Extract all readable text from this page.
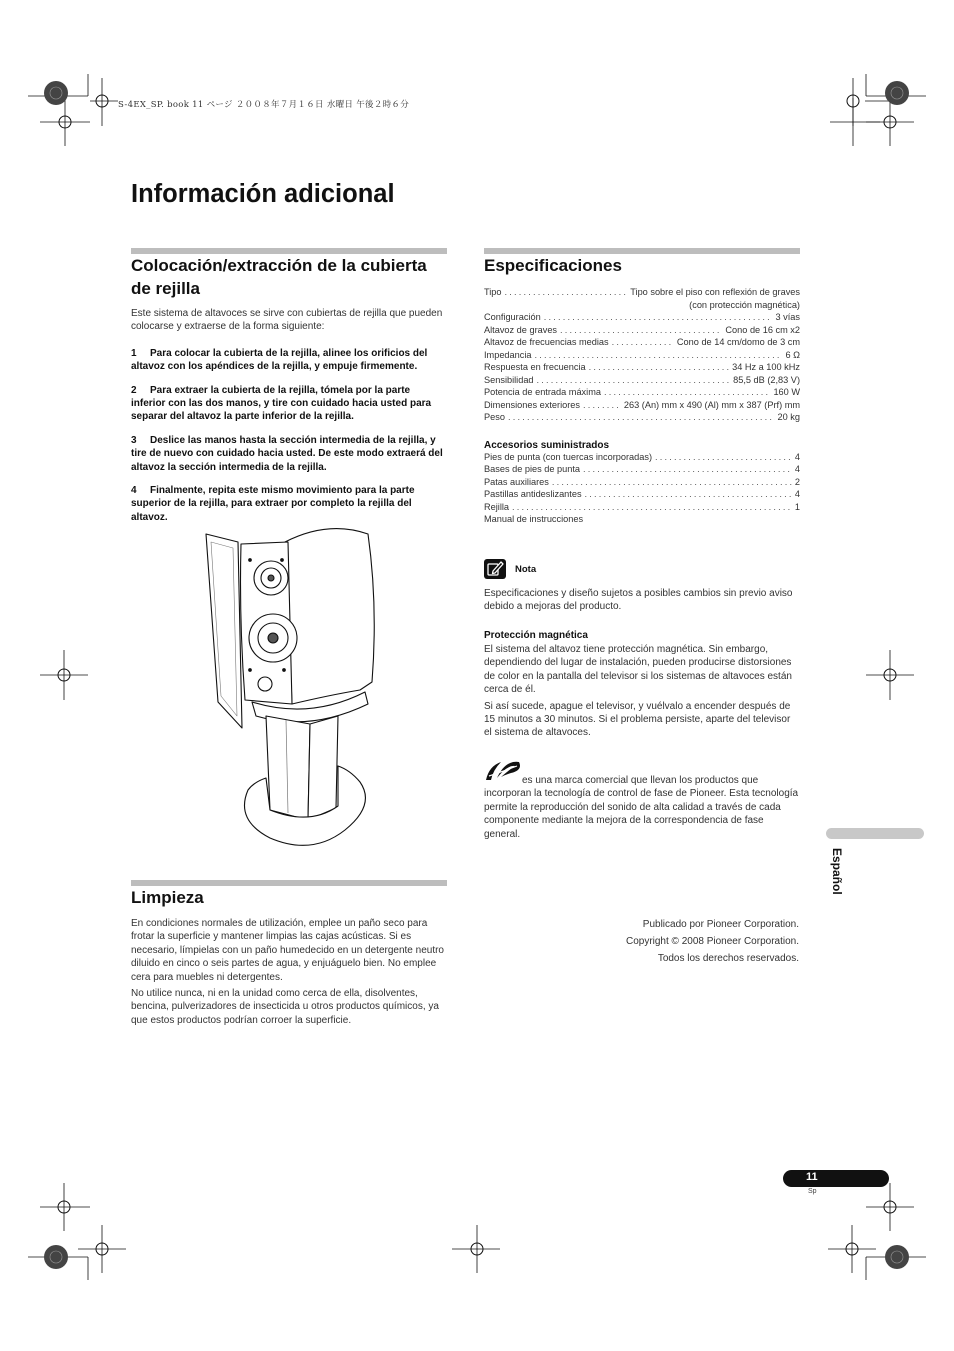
S-4EX_SP. book 11 ページ ２００８年７月１６日 水曜日 午後２時６分
Información adicional
Colocación/extracción de la cubierta de rejilla

Este sistema de altavoces se sirve con cubiertas de rejilla que pueden colocarse y extraerse de la forma siguiente:

1 Para colocar la cubierta de la rejilla, alinee los orificios del altavoz con los apéndices de la rejilla, y empuje firmemente.

2 Para extraer la cubierta de la rejilla, tómela por la parte inferior con las dos manos, y tire con cuidado hacia usted para separar del altavoz la parte inferior de la rejilla.

3 Deslice las manos hasta la sección intermedia de la rejilla, y tire de nuevo con cuidado hacia usted. De este modo extraerá del altavoz la sección intermedia de la rejilla.

4 Finalmente, repita este mismo movimiento para la parte superior de la rejilla, para extraer por completo la rejilla del altavoz.

Limpieza

En condiciones normales de utilización, emplee un paño seco para frotar la superficie y mantener limpias las cajas acústicas. Si es necesario, límpielas con un paño humedecido en un detergente neutro diluido en cinco o seis partes de agua, y enjuáguelo bien. No emplee cera para muebles ni detergentes.

No utilice nunca, ni en la unidad como cerca de ella, disolventes, bencina, pulverizadores de insecticida u otros productos químicos, ya que estos productos podrían corroer la superficie.

Especificaciones
Tipo .....	Tipo sobre el piso con reflexión de graves
(con protección magnética)
Configuración .....	3 vías
Altavoz de graves .....	Cono de 16 cm x2
Altavoz de frecuencias medias .....	Cono de 14 cm/domo de 3 cm
Impedancia .....	6 Ω
Respuesta en frecuencia .....	34 Hz a 100 kHz
Sensibilidad .....	85,5 dB (2,83 V)
Potencia de entrada máxima .....	160 W
Dimensiones exteriores .....	263 (An) mm x 490 (Al) mm x 387 (Prf) mm
Peso .....	20 kg

Accesorios suministrados

Pies de punta (con tuercas incorporadas) .....	4
Bases de pies de punta .....	4
Patas auxiliares .....	2
Pastillas antideslizantes .....	4
Rejilla .....	1
Manual de instrucciones
Nota

Especificaciones y diseño sujetos a posibles cambios sin previo aviso debido a mejoras del producto.

Protección magnética

El sistema del altavoz tiene protección magnética. Sin embargo, dependiendo del lugar de instalación, pueden producirse distorsiones de color en la pantalla del televisor si los sistemas de altavoces están cerca de él.

Si así sucede, apague el televisor, y vuélvalo a encender después de 15 minutos a 30 minutos. Si el problema persiste, aparte del televisor el sistema de altavoces.

es una marca comercial que llevan los productos que

incorporan la tecnología de control de fase de Pioneer. Esta tecnología permite la reproducción del sonido de alta calidad a través de cada componente mediante la mejora de la correspondencia de fase general.

Español
Publicado por Pioneer Corporation.
Copyright © 2008 Pioneer Corporation.
Todos los derechos reservados.
11
Sp
